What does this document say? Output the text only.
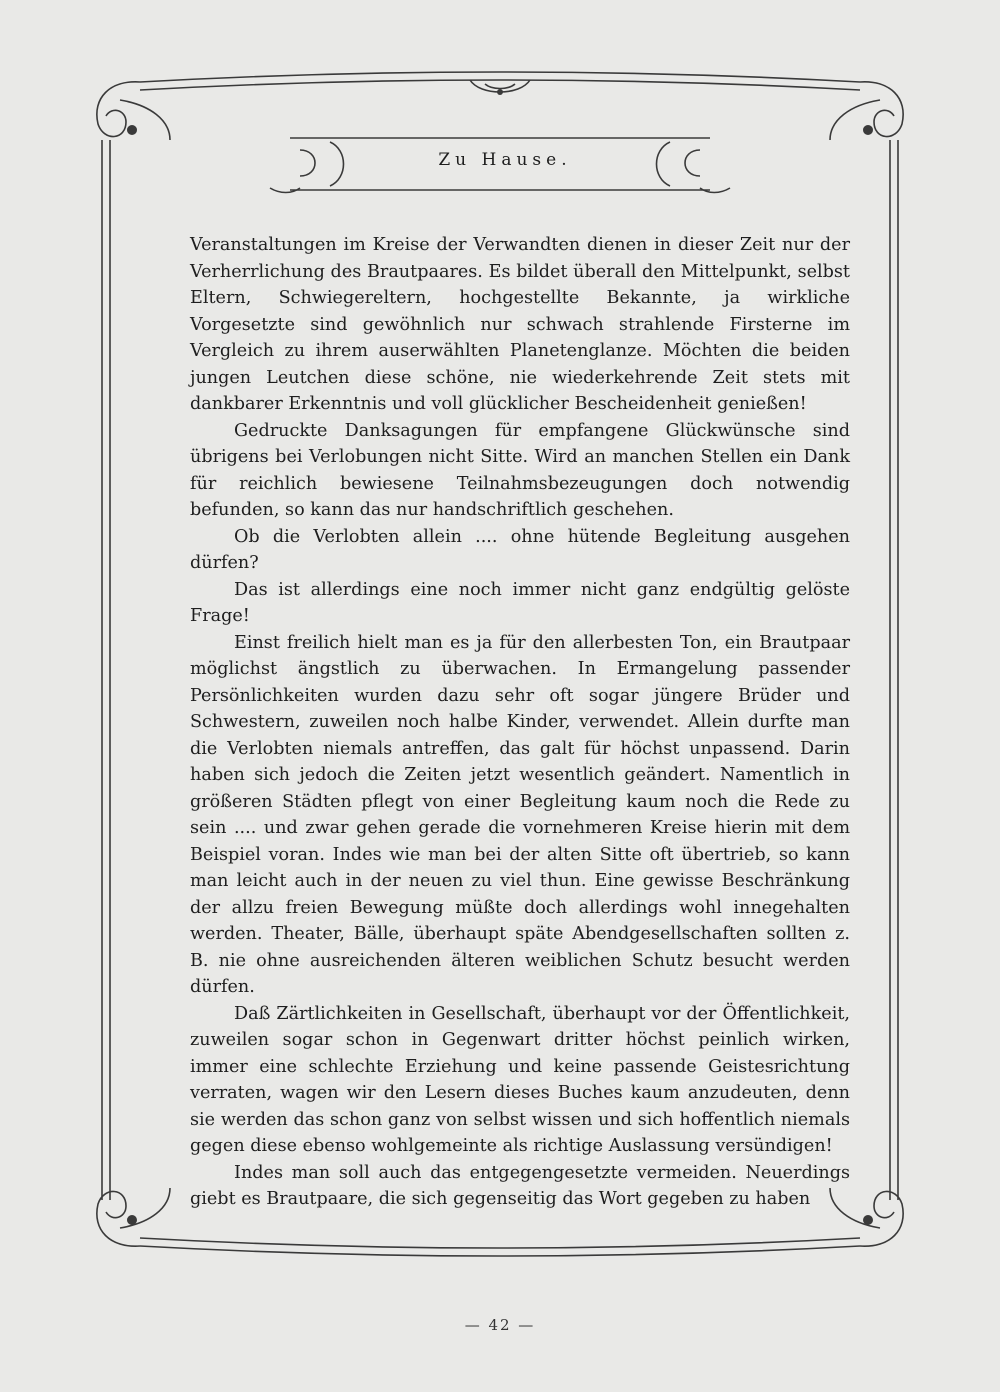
Zu Hause.

Veranstaltungen im Kreise der Verwandten dienen in dieser Zeit nur der Verherrlichung des Brautpaares. Es bildet überall den Mittelpunkt, selbst Eltern, Schwiegereltern, hochgestellte Bekannte, ja wirkliche Vorgesetzte sind gewöhnlich nur schwach strahlende Firsterne im Vergleich zu ihrem auserwählten Planetenglanze. Möchten die beiden jungen Leutchen diese schöne, nie wiederkehrende Zeit stets mit dankbarer Erkenntnis und voll glücklicher Bescheidenheit genießen!

Gedruckte Danksagungen für empfangene Glückwünsche sind übrigens bei Verlobungen nicht Sitte. Wird an manchen Stellen ein Dank für reichlich bewiesene Teilnahmsbezeugungen doch notwendig befunden, so kann das nur handschriftlich geschehen.

Ob die Verlobten allein .... ohne hütende Begleitung ausgehen dürfen?

Das ist allerdings eine noch immer nicht ganz endgültig gelöste Frage!

Einst freilich hielt man es ja für den allerbesten Ton, ein Brautpaar möglichst ängstlich zu überwachen. In Ermangelung passender Persönlichkeiten wurden dazu sehr oft sogar jüngere Brüder und Schwestern, zuweilen noch halbe Kinder, verwendet. Allein durfte man die Verlobten niemals antreffen, das galt für höchst unpassend. Darin haben sich jedoch die Zeiten jetzt wesentlich geändert. Namentlich in größeren Städten pflegt von einer Begleitung kaum noch die Rede zu sein .... und zwar gehen gerade die vornehmeren Kreise hierin mit dem Beispiel voran. Indes wie man bei der alten Sitte oft übertrieb, so kann man leicht auch in der neuen zu viel thun. Eine gewisse Beschränkung der allzu freien Bewegung müßte doch allerdings wohl innegehalten werden. Theater, Bälle, überhaupt späte Abendgesellschaften sollten z. B. nie ohne ausreichenden älteren weiblichen Schutz besucht werden dürfen.

Daß Zärtlichkeiten in Gesellschaft, überhaupt vor der Öffentlichkeit, zuweilen sogar schon in Gegenwart dritter höchst peinlich wirken, immer eine schlechte Erziehung und keine passende Geistesrichtung verraten, wagen wir den Lesern dieses Buches kaum anzudeuten, denn sie werden das schon ganz von selbst wissen und sich hoffentlich niemals gegen diese ebenso wohlgemeinte als richtige Auslassung versündigen!

Indes man soll auch das entgegengesetzte vermeiden. Neuerdings giebt es Brautpaare, die sich gegenseitig das Wort gegeben zu haben

— 42 —
